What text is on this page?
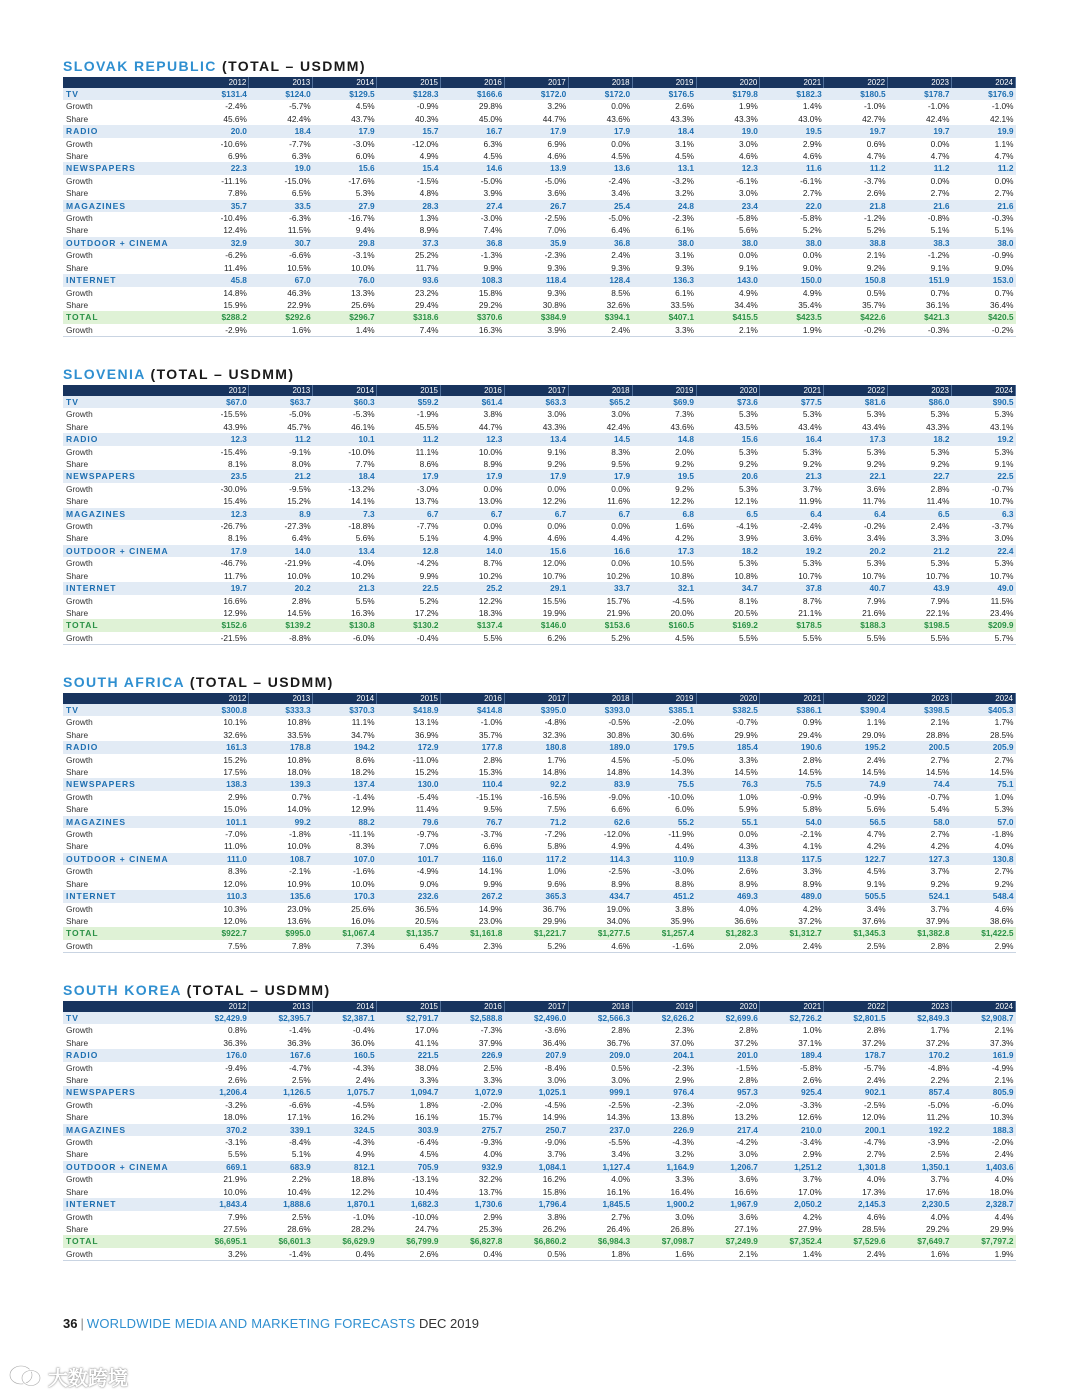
SLOVAK REPUBLIC (TOTAL – USDMM)
	2012	2013	2014	2015	2016	2017	2018	2019	2020	2021	2022	2023	2024
TV	$131.4	$124.0	$129.5	$128.3	$166.6	$172.0	$172.0	$176.5	$179.8	$182.3	$180.5	$178.7	$176.9
Growth	-2.4%	-5.7%	4.5%	-0.9%	29.8%	3.2%	0.0%	2.6%	1.9%	1.4%	-1.0%	-1.0%	-1.0%
Share	45.6%	42.4%	43.7%	40.3%	45.0%	44.7%	43.6%	43.3%	43.3%	43.0%	42.7%	42.4%	42.1%
RADIO	20.0	18.4	17.9	15.7	16.7	17.9	17.9	18.4	19.0	19.5	19.7	19.7	19.9
Growth	-10.6%	-7.7%	-3.0%	-12.0%	6.3%	6.9%	0.0%	3.1%	3.0%	2.9%	0.6%	0.0%	1.1%
Share	6.9%	6.3%	6.0%	4.9%	4.5%	4.6%	4.5%	4.5%	4.6%	4.6%	4.7%	4.7%	4.7%
NEWSPAPERS	22.3	19.0	15.6	15.4	14.6	13.9	13.6	13.1	12.3	11.6	11.2	11.2	11.2
Growth	-11.1%	-15.0%	-17.6%	-1.5%	-5.0%	-5.0%	-2.4%	-3.2%	-6.1%	-6.1%	-3.7%	0.0%	0.0%
Share	7.8%	6.5%	5.3%	4.8%	3.9%	3.6%	3.4%	3.2%	3.0%	2.7%	2.6%	2.7%	2.7%
MAGAZINES	35.7	33.5	27.9	28.3	27.4	26.7	25.4	24.8	23.4	22.0	21.8	21.6	21.6
Growth	-10.4%	-6.3%	-16.7%	1.3%	-3.0%	-2.5%	-5.0%	-2.3%	-5.8%	-5.8%	-1.2%	-0.8%	-0.3%
Share	12.4%	11.5%	9.4%	8.9%	7.4%	7.0%	6.4%	6.1%	5.6%	5.2%	5.2%	5.1%	5.1%
OUTDOOR + CINEMA	32.9	30.7	29.8	37.3	36.8	35.9	36.8	38.0	38.0	38.0	38.8	38.3	38.0
Growth	-6.2%	-6.6%	-3.1%	25.2%	-1.3%	-2.3%	2.4%	3.1%	0.0%	0.0%	2.1%	-1.2%	-0.9%
Share	11.4%	10.5%	10.0%	11.7%	9.9%	9.3%	9.3%	9.3%	9.1%	9.0%	9.2%	9.1%	9.0%
INTERNET	45.8	67.0	76.0	93.6	108.3	118.4	128.4	136.3	143.0	150.0	150.8	151.9	153.0
Growth	14.8%	46.3%	13.3%	23.2%	15.8%	9.3%	8.5%	6.1%	4.9%	4.9%	0.5%	0.7%	0.7%
Share	15.9%	22.9%	25.6%	29.4%	29.2%	30.8%	32.6%	33.5%	34.4%	35.4%	35.7%	36.1%	36.4%
TOTAL	$288.2	$292.6	$296.7	$318.6	$370.6	$384.9	$394.1	$407.1	$415.5	$423.5	$422.6	$421.3	$420.5
Growth	-2.9%	1.6%	1.4%	7.4%	16.3%	3.9%	2.4%	3.3%	2.1%	1.9%	-0.2%	-0.3%	-0.2%
SLOVENIA (TOTAL – USDMM)
	2012	2013	2014	2015	2016	2017	2018	2019	2020	2021	2022	2023	2024
TV	$67.0	$63.7	$60.3	$59.2	$61.4	$63.3	$65.2	$69.9	$73.6	$77.5	$81.6	$86.0	$90.5
Growth	-15.5%	-5.0%	-5.3%	-1.9%	3.8%	3.0%	3.0%	7.3%	5.3%	5.3%	5.3%	5.3%	5.3%
Share	43.9%	45.7%	46.1%	45.5%	44.7%	43.3%	42.4%	43.6%	43.5%	43.4%	43.4%	43.3%	43.1%
RADIO	12.3	11.2	10.1	11.2	12.3	13.4	14.5	14.8	15.6	16.4	17.3	18.2	19.2
Growth	-15.4%	-9.1%	-10.0%	11.1%	10.0%	9.1%	8.3%	2.0%	5.3%	5.3%	5.3%	5.3%	5.3%
Share	8.1%	8.0%	7.7%	8.6%	8.9%	9.2%	9.5%	9.2%	9.2%	9.2%	9.2%	9.2%	9.1%
NEWSPAPERS	23.5	21.2	18.4	17.9	17.9	17.9	17.9	19.5	20.6	21.3	22.1	22.7	22.5
Growth	-30.0%	-9.5%	-13.2%	-3.0%	0.0%	0.0%	0.0%	9.2%	5.3%	3.7%	3.6%	2.8%	-0.7%
Share	15.4%	15.2%	14.1%	13.7%	13.0%	12.2%	11.6%	12.2%	12.1%	11.9%	11.7%	11.4%	10.7%
MAGAZINES	12.3	8.9	7.3	6.7	6.7	6.7	6.7	6.8	6.5	6.4	6.4	6.5	6.3
Growth	-26.7%	-27.3%	-18.8%	-7.7%	0.0%	0.0%	0.0%	1.6%	-4.1%	-2.4%	-0.2%	2.4%	-3.7%
Share	8.1%	6.4%	5.6%	5.1%	4.9%	4.6%	4.4%	4.2%	3.9%	3.6%	3.4%	3.3%	3.0%
OUTDOOR + CINEMA	17.9	14.0	13.4	12.8	14.0	15.6	16.6	17.3	18.2	19.2	20.2	21.2	22.4
Growth	-46.7%	-21.9%	-4.0%	-4.2%	8.7%	12.0%	0.0%	10.5%	5.3%	5.3%	5.3%	5.3%	5.3%
Share	11.7%	10.0%	10.2%	9.9%	10.2%	10.7%	10.2%	10.8%	10.8%	10.7%	10.7%	10.7%	10.7%
INTERNET	19.7	20.2	21.3	22.5	25.2	29.1	33.7	32.1	34.7	37.8	40.7	43.9	49.0
Growth	16.6%	2.8%	5.5%	5.2%	12.2%	15.5%	15.7%	-4.5%	8.1%	8.7%	7.9%	7.9%	11.5%
Share	12.9%	14.5%	16.3%	17.2%	18.3%	19.9%	21.9%	20.0%	20.5%	21.1%	21.6%	22.1%	23.4%
TOTAL	$152.6	$139.2	$130.8	$130.2	$137.4	$146.0	$153.6	$160.5	$169.2	$178.5	$188.3	$198.5	$209.9
Growth	-21.5%	-8.8%	-6.0%	-0.4%	5.5%	6.2%	5.2%	4.5%	5.5%	5.5%	5.5%	5.5%	5.7%
SOUTH AFRICA (TOTAL – USDMM)
	2012	2013	2014	2015	2016	2017	2018	2019	2020	2021	2022	2023	2024
TV	$300.8	$333.3	$370.3	$418.9	$414.8	$395.0	$393.0	$385.1	$382.5	$386.1	$390.4	$398.5	$405.3
Growth	10.1%	10.8%	11.1%	13.1%	-1.0%	-4.8%	-0.5%	-2.0%	-0.7%	0.9%	1.1%	2.1%	1.7%
Share	32.6%	33.5%	34.7%	36.9%	35.7%	32.3%	30.8%	30.6%	29.9%	29.4%	29.0%	28.8%	28.5%
RADIO	161.3	178.8	194.2	172.9	177.8	180.8	189.0	179.5	185.4	190.6	195.2	200.5	205.9
Growth	15.2%	10.8%	8.6%	-11.0%	2.8%	1.7%	4.5%	-5.0%	3.3%	2.8%	2.4%	2.7%	2.7%
Share	17.5%	18.0%	18.2%	15.2%	15.3%	14.8%	14.8%	14.3%	14.5%	14.5%	14.5%	14.5%	14.5%
NEWSPAPERS	138.3	139.3	137.4	130.0	110.4	92.2	83.9	75.5	76.3	75.5	74.9	74.4	75.1
Growth	2.9%	0.7%	-1.4%	-5.4%	-15.1%	-16.5%	-9.0%	-10.0%	1.0%	-0.9%	-0.9%	-0.7%	1.0%
Share	15.0%	14.0%	12.9%	11.4%	9.5%	7.5%	6.6%	6.0%	5.9%	5.8%	5.6%	5.4%	5.3%
MAGAZINES	101.1	99.2	88.2	79.6	76.7	71.2	62.6	55.2	55.1	54.0	56.5	58.0	57.0
Growth	-7.0%	-1.8%	-11.1%	-9.7%	-3.7%	-7.2%	-12.0%	-11.9%	0.0%	-2.1%	4.7%	2.7%	-1.8%
Share	11.0%	10.0%	8.3%	7.0%	6.6%	5.8%	4.9%	4.4%	4.3%	4.1%	4.2%	4.2%	4.0%
OUTDOOR + CINEMA	111.0	108.7	107.0	101.7	116.0	117.2	114.3	110.9	113.8	117.5	122.7	127.3	130.8
Growth	8.3%	-2.1%	-1.6%	-4.9%	14.1%	1.0%	-2.5%	-3.0%	2.6%	3.3%	4.5%	3.7%	2.7%
Share	12.0%	10.9%	10.0%	9.0%	9.9%	9.6%	8.9%	8.8%	8.9%	8.9%	9.1%	9.2%	9.2%
INTERNET	110.3	135.6	170.3	232.6	267.2	365.3	434.7	451.2	469.3	489.0	505.5	524.1	548.4
Growth	10.3%	23.0%	25.6%	36.5%	14.9%	36.7%	19.0%	3.8%	4.0%	4.2%	3.4%	3.7%	4.6%
Share	12.0%	13.6%	16.0%	20.5%	23.0%	29.9%	34.0%	35.9%	36.6%	37.2%	37.6%	37.9%	38.6%
TOTAL	$922.7	$995.0	$1,067.4	$1,135.7	$1,161.8	$1,221.7	$1,277.5	$1,257.4	$1,282.3	$1,312.7	$1,345.3	$1,382.8	$1,422.5
Growth	7.5%	7.8%	7.3%	6.4%	2.3%	5.2%	4.6%	-1.6%	2.0%	2.4%	2.5%	2.8%	2.9%
SOUTH KOREA (TOTAL – USDMM)
	2012	2013	2014	2015	2016	2017	2018	2019	2020	2021	2022	2023	2024
TV	$2,429.9	$2,395.7	$2,387.1	$2,791.7	$2,588.8	$2,496.0	$2,566.3	$2,626.2	$2,699.6	$2,726.2	$2,801.5	$2,849.3	$2,908.7
Growth	0.8%	-1.4%	-0.4%	17.0%	-7.3%	-3.6%	2.8%	2.3%	2.8%	1.0%	2.8%	1.7%	2.1%
Share	36.3%	36.3%	36.0%	41.1%	37.9%	36.4%	36.7%	37.0%	37.2%	37.1%	37.2%	37.2%	37.3%
RADIO	176.0	167.6	160.5	221.5	226.9	207.9	209.0	204.1	201.0	189.4	178.7	170.2	161.9
Growth	-9.4%	-4.7%	-4.3%	38.0%	2.5%	-8.4%	0.5%	-2.3%	-1.5%	-5.8%	-5.7%	-4.8%	-4.9%
Share	2.6%	2.5%	2.4%	3.3%	3.3%	3.0%	3.0%	2.9%	2.8%	2.6%	2.4%	2.2%	2.1%
NEWSPAPERS	1,206.4	1,126.5	1,075.7	1,094.7	1,072.9	1,025.1	999.1	976.4	957.3	925.4	902.1	857.4	805.9
Growth	-3.2%	-6.6%	-4.5%	1.8%	-2.0%	-4.5%	-2.5%	-2.3%	-2.0%	-3.3%	-2.5%	-5.0%	-6.0%
Share	18.0%	17.1%	16.2%	16.1%	15.7%	14.9%	14.3%	13.8%	13.2%	12.6%	12.0%	11.2%	10.3%
MAGAZINES	370.2	339.1	324.5	303.9	275.7	250.7	237.0	226.9	217.4	210.0	200.1	192.2	188.3
Growth	-3.1%	-8.4%	-4.3%	-6.4%	-9.3%	-9.0%	-5.5%	-4.3%	-4.2%	-3.4%	-4.7%	-3.9%	-2.0%
Share	5.5%	5.1%	4.9%	4.5%	4.0%	3.7%	3.4%	3.2%	3.0%	2.9%	2.7%	2.5%	2.4%
OUTDOOR + CINEMA	669.1	683.9	812.1	705.9	932.9	1,084.1	1,127.4	1,164.9	1,206.7	1,251.2	1,301.8	1,350.1	1,403.6
Growth	21.9%	2.2%	18.8%	-13.1%	32.2%	16.2%	4.0%	3.3%	3.6%	3.7%	4.0%	3.7%	4.0%
Share	10.0%	10.4%	12.2%	10.4%	13.7%	15.8%	16.1%	16.4%	16.6%	17.0%	17.3%	17.6%	18.0%
INTERNET	1,843.4	1,888.6	1,870.1	1,682.3	1,730.6	1,796.4	1,845.5	1,900.2	1,967.9	2,050.2	2,145.3	2,230.5	2,328.7
Growth	7.9%	2.5%	-1.0%	-10.0%	2.9%	3.8%	2.7%	3.0%	3.6%	4.2%	4.6%	4.0%	4.4%
Share	27.5%	28.6%	28.2%	24.7%	25.3%	26.2%	26.4%	26.8%	27.1%	27.9%	28.5%	29.2%	29.9%
TOTAL	$6,695.1	$6,601.3	$6,629.9	$6,799.9	$6,827.8	$6,860.2	$6,984.3	$7,098.7	$7,249.9	$7,352.4	$7,529.6	$7,649.7	$7,797.2
Growth	3.2%	-1.4%	0.4%	2.6%	0.4%	0.5%	1.8%	1.6%	2.1%	1.4%	2.4%	1.6%	1.9%
36 | WORLDWIDE MEDIA AND MARKETING FORECASTS DEC 2019
大数跨境
